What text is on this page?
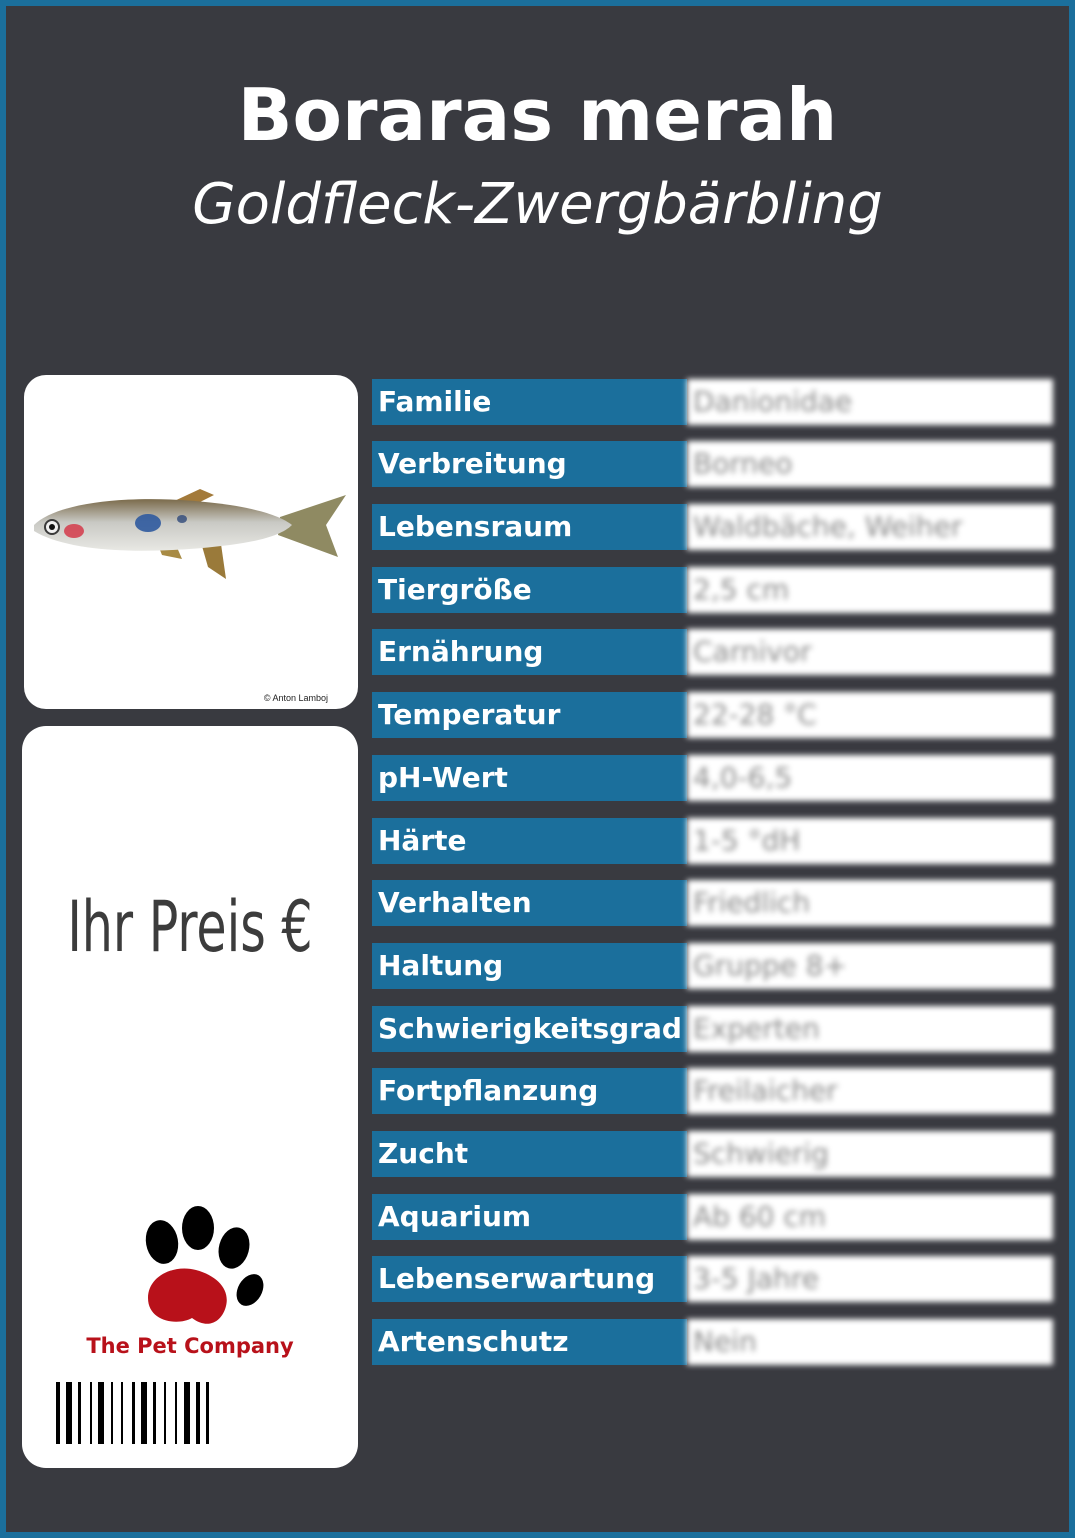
Boraras merah
Goldfleck-Zwergbärbling
© Anton Lamboj
Ihr Preis €
The Pet Company
Familie	Danionidae
Verbreitung	Borneo
Lebensraum	Waldbäche, Weiher
Tiergröße	2,5 cm
Ernährung	Carnivor
Temperatur	22-28 °C
pH-Wert	4,0-6,5
Härte	1-5 °dH
Verhalten	Friedlich
Haltung	Gruppe 8+
Schwierigkeitsgrad Experten
Fortpflanzung	Freilaicher
Zucht	Schwierig
Aquarium	Ab 60 cm
Lebenserwartung	3-5 Jahre
Artenschutz	Nein
